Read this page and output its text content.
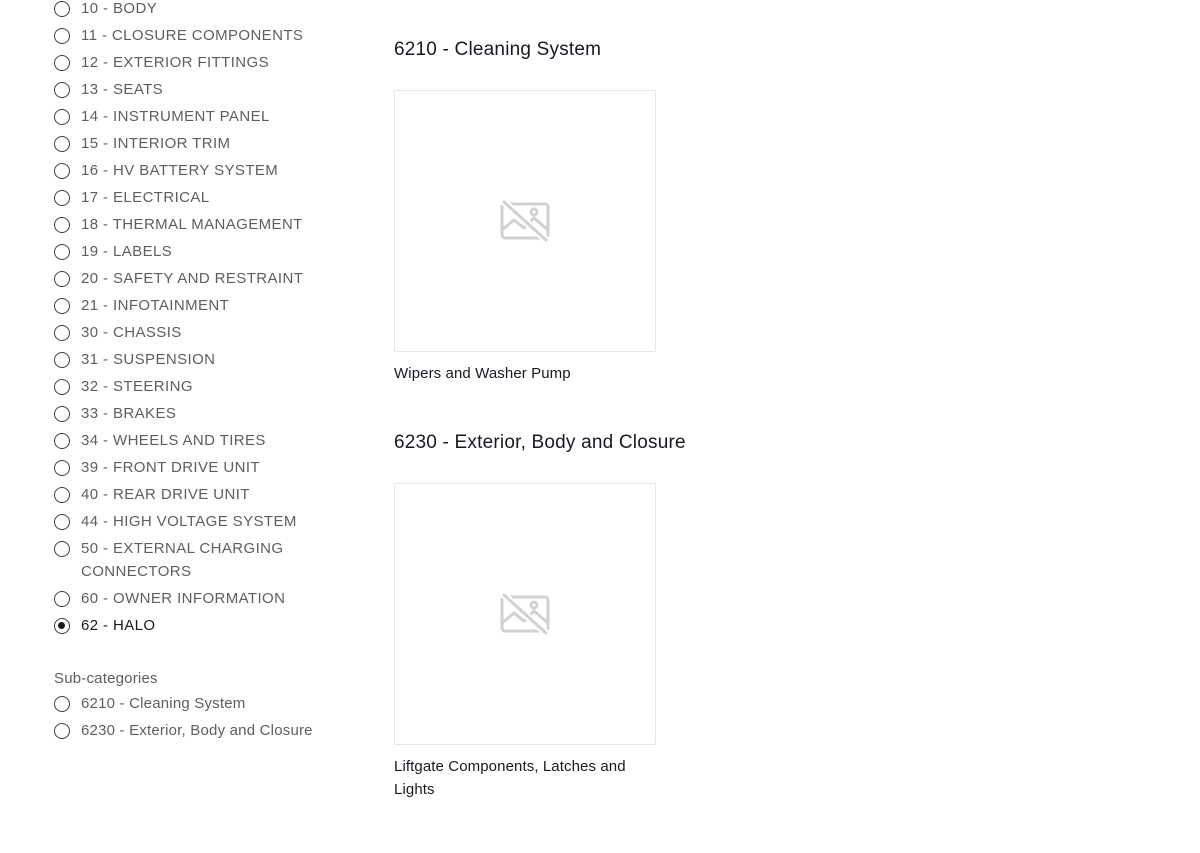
10 - BODY
11 - CLOSURE COMPONENTS
12 - EXTERIOR FITTINGS
13 - SEATS
14 - INSTRUMENT PANEL
15 - INTERIOR TRIM
16 - HV BATTERY SYSTEM
17 - ELECTRICAL
18 - THERMAL MANAGEMENT
19 - LABELS
20 - SAFETY AND RESTRAINT
21 - INFOTAINMENT
30 - CHASSIS
31 - SUSPENSION
32 - STEERING
33 - BRAKES
34 - WHEELS AND TIRES
39 - FRONT DRIVE UNIT
40 - REAR DRIVE UNIT
44 - HIGH VOLTAGE SYSTEM
50 - EXTERNAL CHARGING CONNECTORS
60 - OWNER INFORMATION
62 - HALO
Sub-categories
6210 - Cleaning System
6230 - Exterior, Body and Closure
6210 - Cleaning System
Wipers and Washer Pump
6230 - Exterior, Body and Closure
Liftgate Components, Latches and Lights
